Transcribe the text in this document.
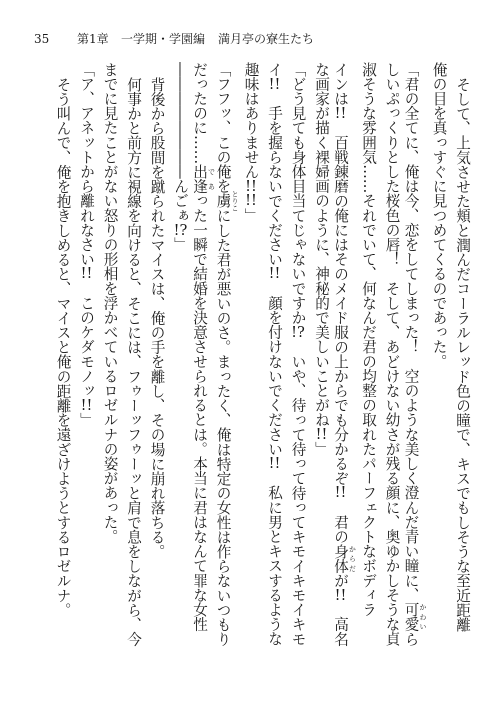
35 第1章 一学期・学園編 満月亭の寮生たち
そして、上気させた頬と潤んだコーラルレッド色の瞳で、キスでもしそうな至近距離
俺の目を真っすぐに見つめてくるのであった。
「君の全てに、俺は今、恋をしてしまった！　空のような美しく澄んだ青い瞳に、可愛 かわいら
しいぷっくりとした桜色の唇！　そして、あどけない幼さが残る顔に、奥ゆかしそうな貞
淑そうな雰囲気……それでいて、何なんだ君の均整の取れたパーフェクトなボディラ
インは!!　百戦錬磨の俺にはそのメイド服の上からでも分かるぞ!!　君の身体 からだが!!　高名
な画家が描く裸婦画のように、神秘的で美しいことがね!!」
「どう見ても身体目当てじゃないですか!?　いや、待って待って待ってキモイキモイキモ
イ!!　手を握らないでください!!　顔を付けないでください!!　私に男とキスするような
趣味はありません!!!!」
「フフッ、この俺を虜 とりこにした君が悪いのさ。まったく、俺は特定の女性は作らないつもり
だったのに……出逢 であった一瞬で結婚を決意させられるとは。本当に君はなんて罪な女性
――――――――んごぁ!?」
背後から股間を蹴られたマイスは、俺の手を離し、その場に崩れ落ちる。
何事かと前方に視線を向けると、そこには、フゥーッフゥーッと肩で息をしながら、今
までに見たことがない怒りの形相を浮かべているロゼルナの姿があった。
「ア、アネットから離れなさい!!　このケダモノッ!!」
そう叫んで、俺を抱きしめると、マイスと俺の距離を遠ざけようとするロゼルナ。
